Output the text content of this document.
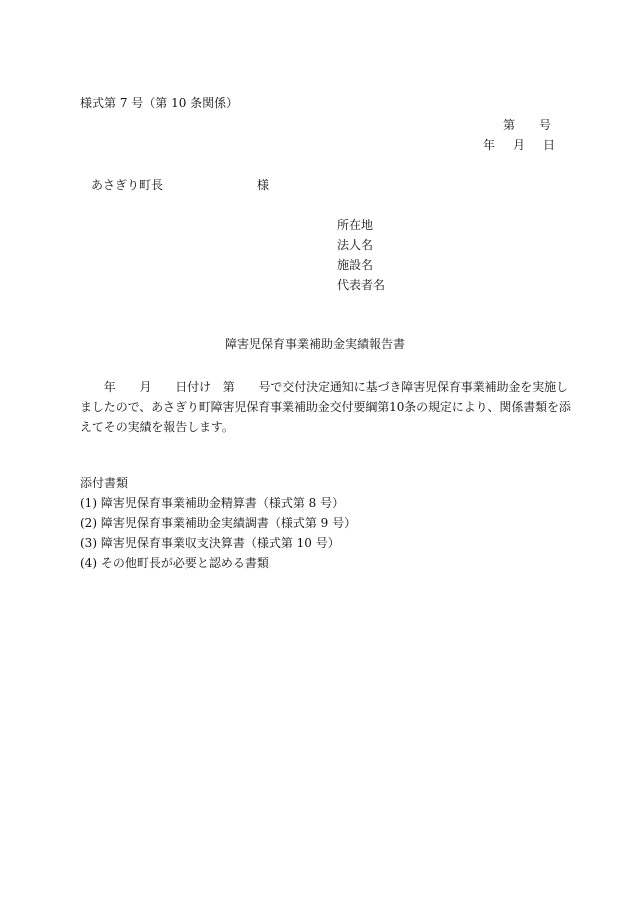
様式第 7 号（第 10 条関係）
第 号
年 月 日
あさぎり町長	様
所在地
法人名
施設名
代表者名
障害児保育事業補助金実績報告書
　　年　　月　　日付け　第　　号で交付決定通知に基づき障害児保育事業補助金を実施し
ましたので、あさぎり町障害児保育事業補助金交付要綱第10条の規定により、関係書類を添
えてその実績を報告します。
添付書類
(1) 障害児保育事業補助金精算書（様式第 8 号）
(2) 障害児保育事業補助金実績調書（様式第 9 号）
(3) 障害児保育事業収支決算書（様式第 10 号）
(4) その他町長が必要と認める書類
